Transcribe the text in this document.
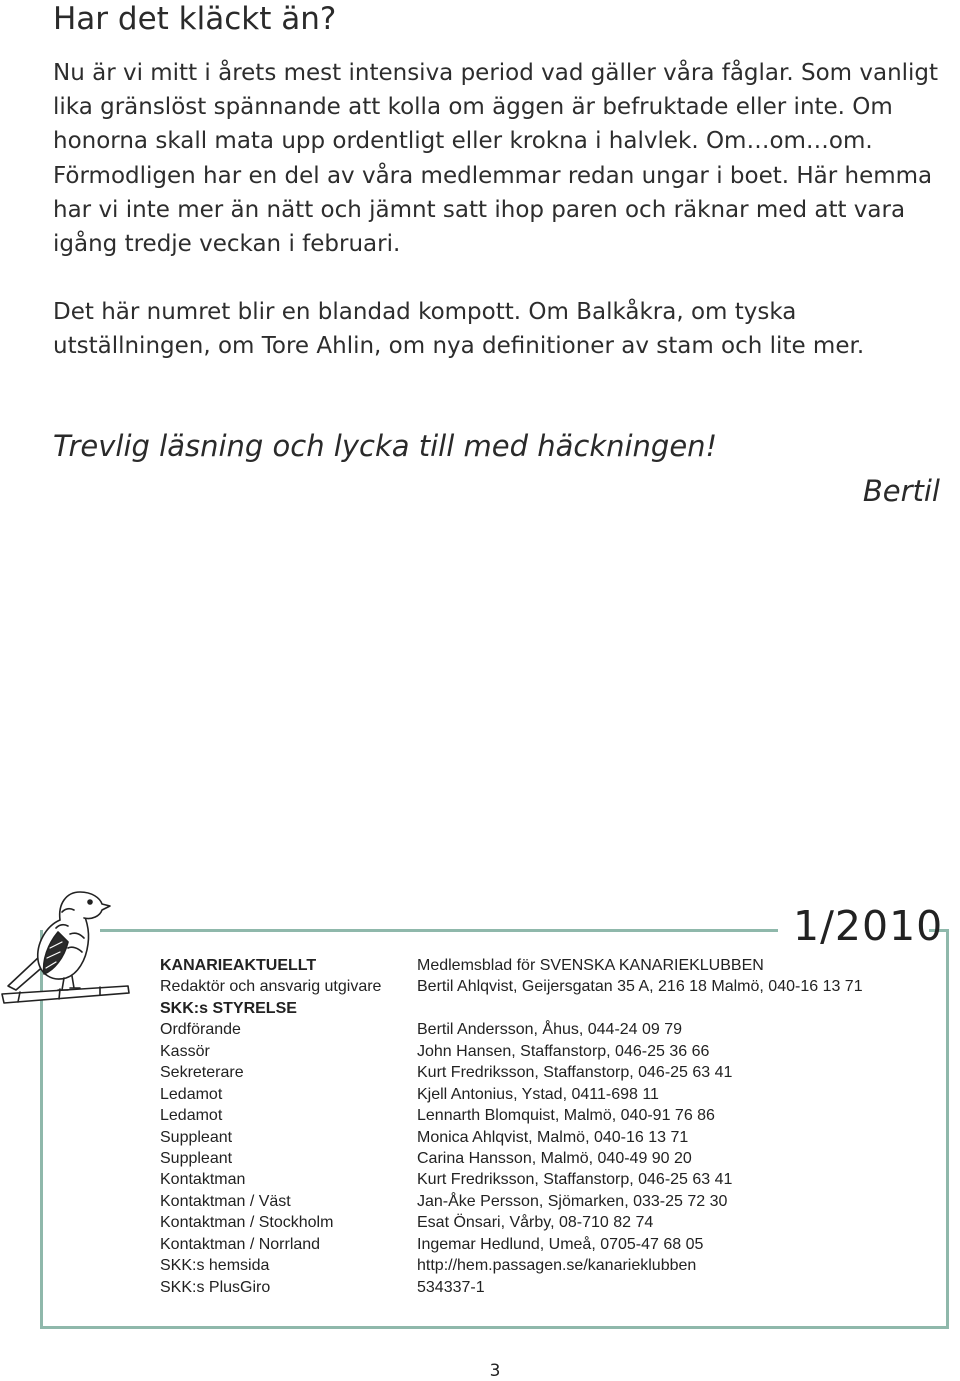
Har det kläckt än?

Nu är vi mitt i årets mest intensiva period vad gäller våra fåglar. Som vanligt lika gränslöst spännande att kolla om äggen är befruktade eller inte. Om honorna skall mata upp ordentligt eller krokna i halvlek. Om…om…om. Förmodligen har en del av våra medlemmar redan ungar i boet. Här hemma har vi inte mer än nätt och jämnt satt ihop paren och räknar med att vara igång tredje veckan i februari.

Det här numret blir en blandad kompott. Om Balkåkra, om tyska utställningen, om Tore Ahlin, om nya definitioner av stam och lite mer.

Trevlig läsning och lycka till med häckningen!
Bertil
1/2010
KANARIEAKTUELLT	Medlemsblad för SVENSKA KANARIEKLUBBEN
Redaktör och ansvarig utgivare Bertil Ahlqvist, Geijersgatan 35 A, 216 18 Malmö, 040-16 13 71
SKK:s STYRELSE
Ordförande	Bertil Andersson, Åhus, 044-24 09 79
Kassör	John Hansen, Staffanstorp, 046-25 36 66
Sekreterare	Kurt Fredriksson, Staffanstorp, 046-25 63 41
Ledamot	Kjell Antonius, Ystad, 0411-698 11
Ledamot	Lennarth Blomquist, Malmö, 040-91 76 86
Suppleant	Monica Ahlqvist, Malmö, 040-16 13 71
Suppleant	Carina Hansson, Malmö, 040-49 90 20
Kontaktman	Kurt Fredriksson, Staffanstorp, 046-25 63 41
Kontaktman / Väst	Jan-Åke Persson, Sjömarken, 033-25 72 30
Kontaktman / Stockholm	Esat Önsari, Vårby, 08-710 82 74
Kontaktman / Norrland	Ingemar Hedlund, Umeå, 0705-47 68 05
SKK:s hemsida	http://hem.passagen.se/kanarieklubben
SKK:s PlusGiro	534337-1
3
